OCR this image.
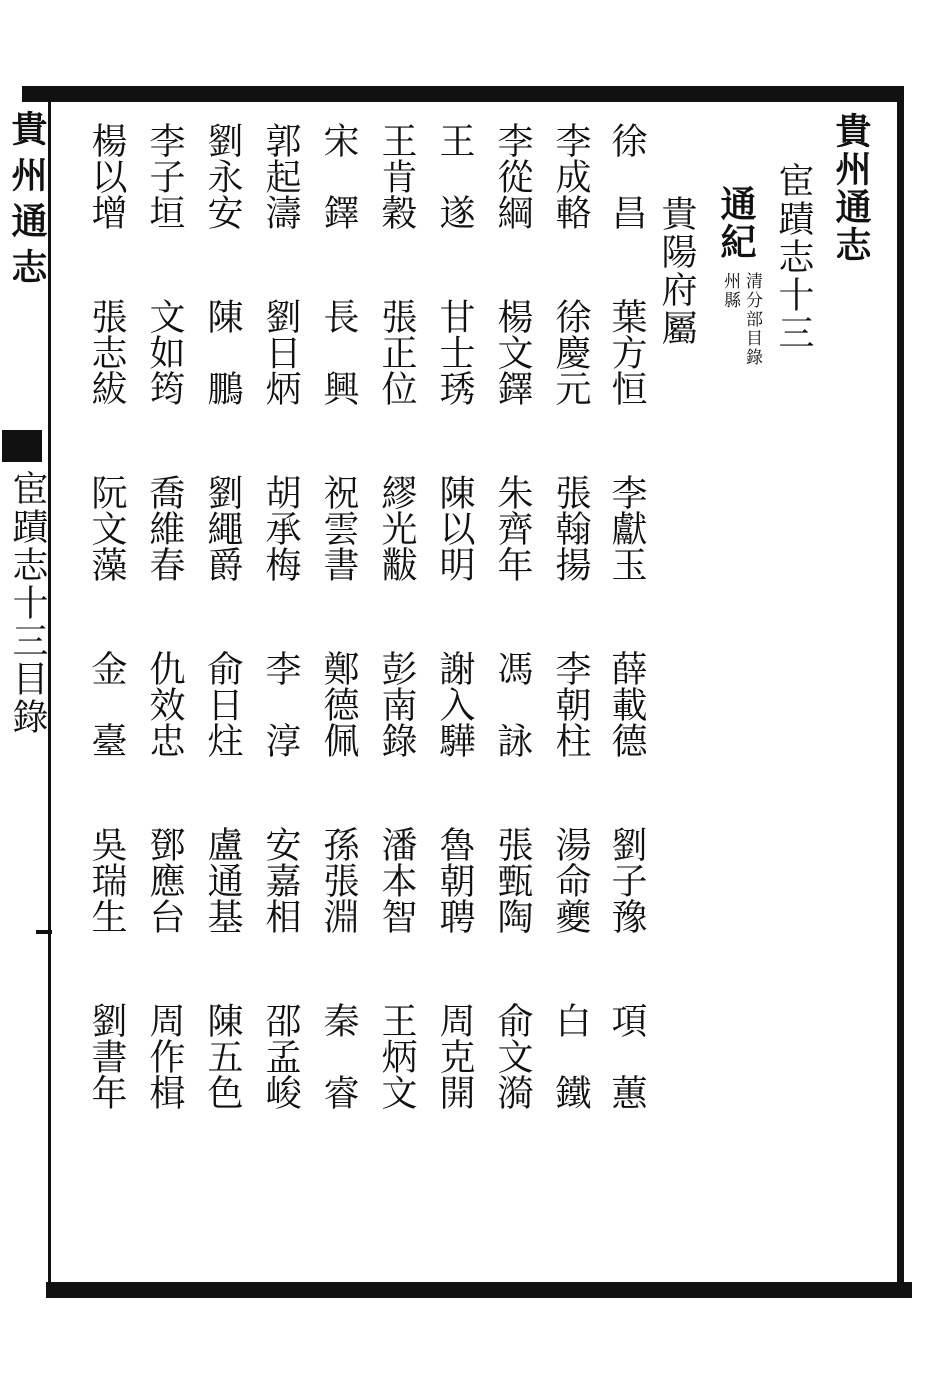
貴州通志
宦蹟志十三
通紀
清分部目錄
州縣
貴陽府屬
貴州通志
宦蹟志十三目錄
徐　昌
葉方恒
李獻玉
薛載德
劉子豫
項　蕙
李成輅
徐慶元
張翰揚
李朝柱
湯命夔
白　鐵
李從綱
楊文鐸
朱齊年
馮　詠
張甄陶
俞文漪
王　遂
甘士琇
陳以明
謝入驊
魯朝聘
周克開
王肯穀
張正位
繆光黻
彭南錄
潘本智
王炳文
宋　鐸
長　興
祝雲書
鄭德佩
孫張淵
秦　睿
郭起濤
劉日炳
胡承梅
李　淳
安嘉相
邵孟峻
劉永安
陳　鵬
劉繩爵
俞日炷
盧通基
陳五色
李子垣
文如筠
喬維春
仇效忠
鄧應台
周作楫
楊以增
張志紱
阮文藻
金　臺
吳瑞生
劉書年
